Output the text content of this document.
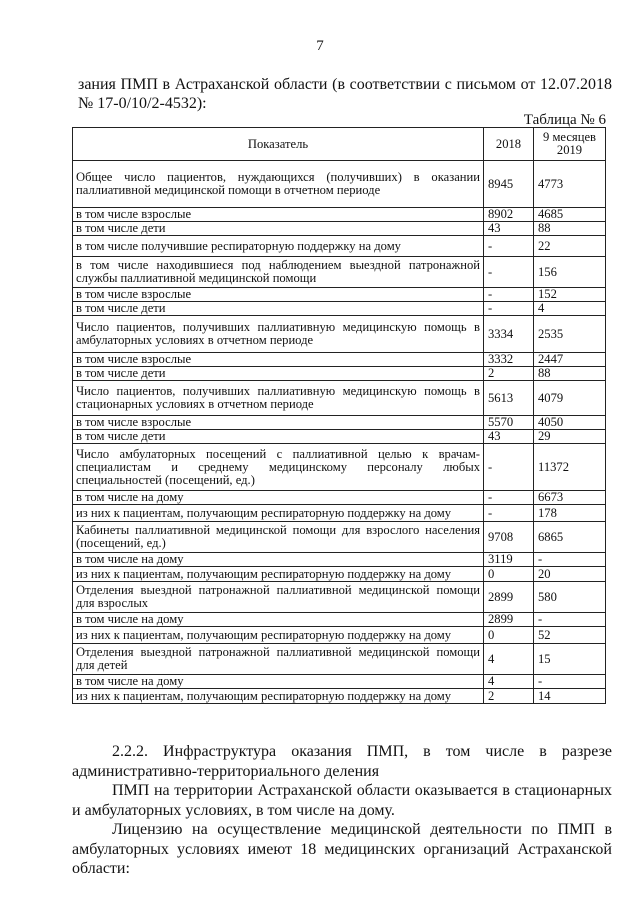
7
зания ПМП в Астраханской области (в соответствии с письмом от 12.07.2018 № 17-0/10/2-4532):
Таблица № 6
Показатель	2018	9 месяцев 2019
Общее число пациентов, нуждающихся (получивших) в оказании паллиативной медицинской помощи в отчетном периоде	8945	4773
в том числе взрослые	8902	4685
в том числе дети	43	88
в том числе получившие респираторную поддержку на дому	-	22
в том числе находившиеся под наблюдением выездной патронажной службы паллиативной медицинской помощи	-	156
в том числе взрослые	-	152
в том числе дети	-	4
Число пациентов, получивших паллиативную медицинскую помощь в амбулаторных условиях в отчетном периоде	3334	2535
в том числе взрослые	3332	2447
в том числе дети	2	88
Число пациентов, получивших паллиативную медицинскую помощь в стационарных условиях в отчетном периоде	5613	4079
в том числе взрослые	5570	4050
в том числе дети	43	29
Число амбулаторных посещений с паллиативной целью к врачам-специалистам и среднему медицинскому персоналу любых специальностей (посещений, ед.)	-	11372
в том числе на дому	-	6673
из них к пациентам, получающим респираторную поддержку на дому	-	178
Кабинеты паллиативной медицинской помощи для взрослого населения (посещений, ед.)	9708	6865
в том числе на дому	3119	-
из них к пациентам, получающим респираторную поддержку на дому	0	20
Отделения выездной патронажной паллиативной медицинской помощи для взрослых	2899	580
в том числе на дому	2899	-
из них к пациентам, получающим респираторную поддержку на дому	0	52
Отделения выездной патронажной паллиативной медицинской помощи для детей	4	15
в том числе на дому	4	-
из них к пациентам, получающим респираторную поддержку на дому	2	14

2.2.2. Инфраструктура оказания ПМП, в том числе в разрезе административно-территориального деления

ПМП на территории Астраханской области оказывается в стационарных и амбулаторных условиях, в том числе на дому.

Лицензию на осуществление медицинской деятельности по ПМП в амбулаторных условиях имеют 18 медицинских организаций Астраханской области:
